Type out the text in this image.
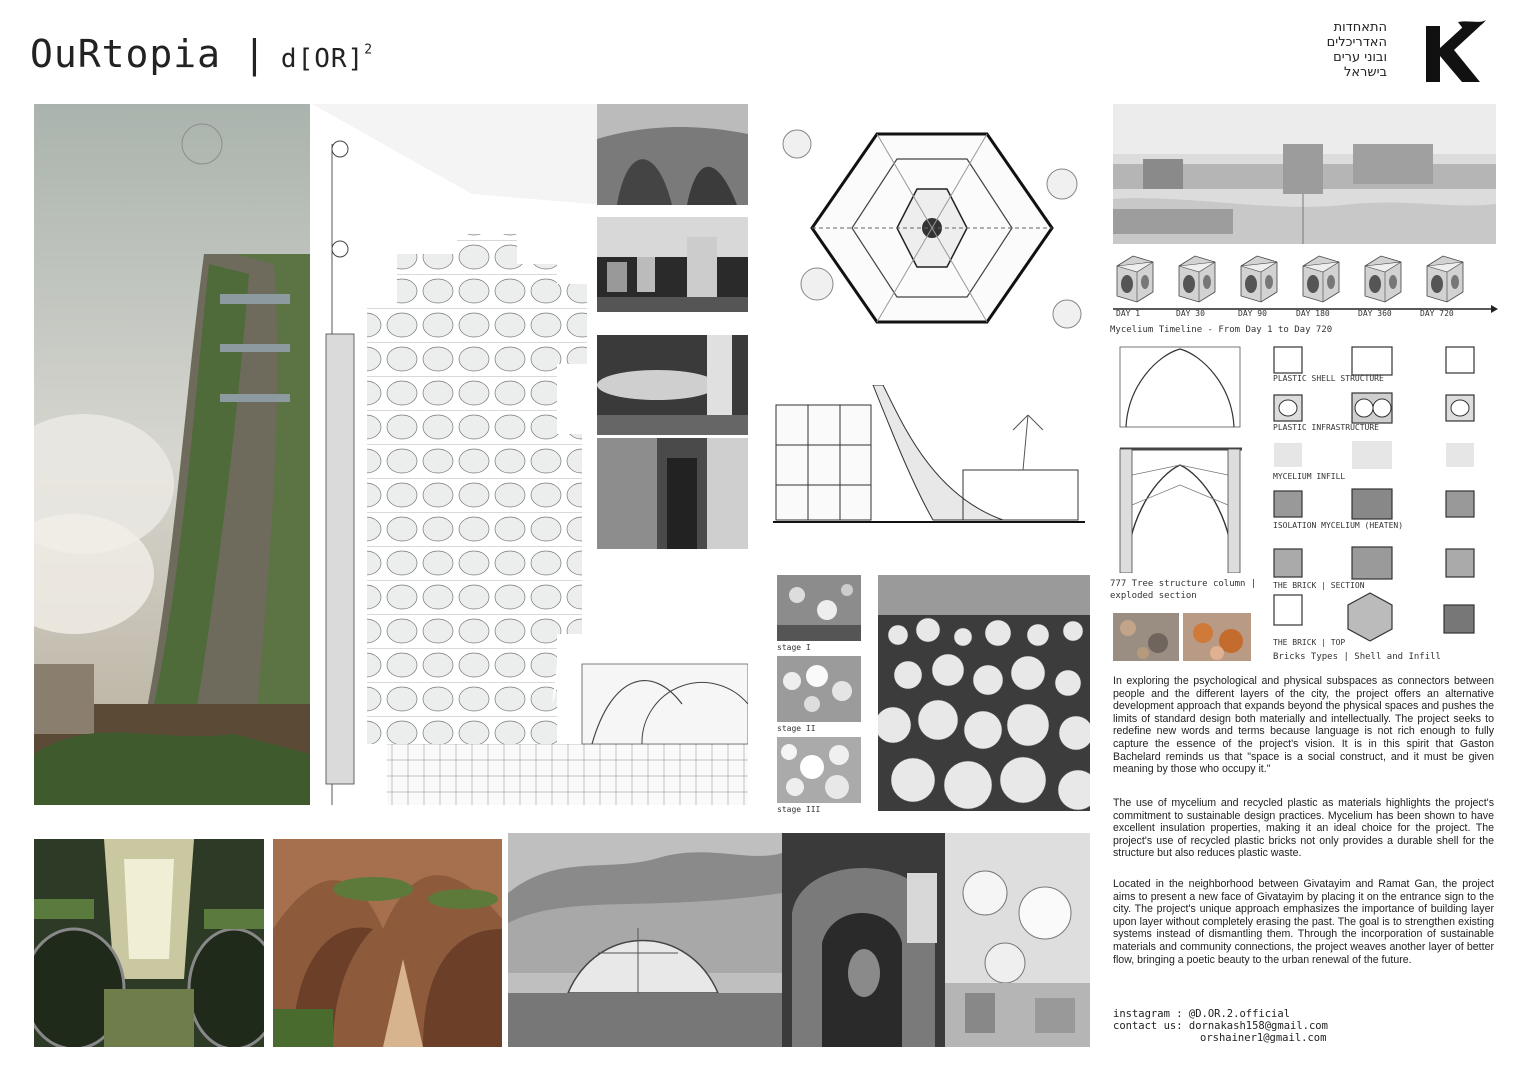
OuRtopia | d[OR]$^2$
התאחדות
האדריכלים
ובוני ערים
בישראל
stage I
stage II
stage III
DAY 1	DAY 30	DAY 90	DAY 180	DAY 360	DAY 720
Mycelium Timeline - From Day 1 to Day 720
777 Tree structure column |
exploded section
PLASTIC SHELL STRUCTURE
PLASTIC INFRASTRUCTURE
MYCELIUM INFILL
ISOLATION MYCELIUM (HEATEN)
THE BRICK | SECTION
THE BRICK | TOP
Bricks Types | Shell and Infill

In exploring the psychological and physical subspaces as connectors between people and the different layers of the city, the project offers an alternative development approach that expands beyond the physical spaces and pushes the limits of standard design both materially and intellectually. The project seeks to redefine new words and terms because language is not rich enough to fully capture the essence of the project's vision. It is in this spirit that Gaston Bachelard reminds us that "space is a social construct, and it must be given meaning by those who occupy it."

The use of mycelium and recycled plastic as materials highlights the project's commitment to sustainable design practices. Mycelium has been shown to have excellent insulation properties, making it an ideal choice for the project. The project's use of recycled plastic bricks not only provides a durable shell for the structure but also reduces plastic waste.

Located in the neighborhood between Givatayim and Ramat Gan, the project aims to present a new face of Givatayim by placing it on the entrance sign to the city. The project's unique approach emphasizes the importance of building layer upon layer without completely erasing the past. The goal is to strengthen existing systems instead of dismantling them. Through the incorporation of sustainable materials and community connections, the project weaves another layer of better flow, bringing a poetic beauty to the urban renewal of the future.

instagram : @D.OR.2.official
contact us: dornakash158@gmail.com
orshainer1@gmail.com
